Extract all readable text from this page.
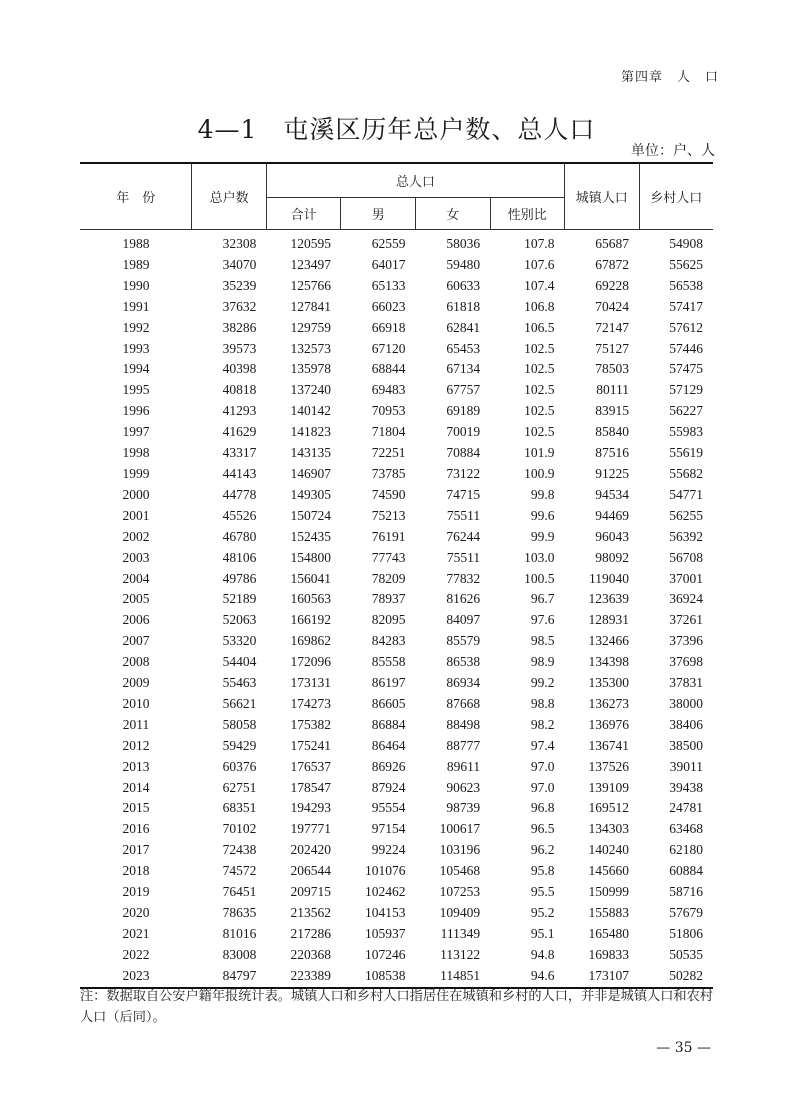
第四章　人　口
4—1　屯溪区历年总户数、总人口
单位：户、人
年　份	总户数	总人口				城镇人口	乡村人口
		合计	男	女	性别比		
1988	32308	120595	62559	58036	107.8	65687	54908
1989	34070	123497	64017	59480	107.6	67872	55625
1990	35239	125766	65133	60633	107.4	69228	56538
1991	37632	127841	66023	61818	106.8	70424	57417
1992	38286	129759	66918	62841	106.5	72147	57612
1993	39573	132573	67120	65453	102.5	75127	57446
1994	40398	135978	68844	67134	102.5	78503	57475
1995	40818	137240	69483	67757	102.5	80111	57129
1996	41293	140142	70953	69189	102.5	83915	56227
1997	41629	141823	71804	70019	102.5	85840	55983
1998	43317	143135	72251	70884	101.9	87516	55619
1999	44143	146907	73785	73122	100.9	91225	55682
2000	44778	149305	74590	74715	99.8	94534	54771
2001	45526	150724	75213	75511	99.6	94469	56255
2002	46780	152435	76191	76244	99.9	96043	56392
2003	48106	154800	77743	75511	103.0	98092	56708
2004	49786	156041	78209	77832	100.5	119040	37001
2005	52189	160563	78937	81626	96.7	123639	36924
2006	52063	166192	82095	84097	97.6	128931	37261
2007	53320	169862	84283	85579	98.5	132466	37396
2008	54404	172096	85558	86538	98.9	134398	37698
2009	55463	173131	86197	86934	99.2	135300	37831
2010	56621	174273	86605	87668	98.8	136273	38000
2011	58058	175382	86884	88498	98.2	136976	38406
2012	59429	175241	86464	88777	97.4	136741	38500
2013	60376	176537	86926	89611	97.0	137526	39011
2014	62751	178547	87924	90623	97.0	139109	39438
2015	68351	194293	95554	98739	96.8	169512	24781
2016	70102	197771	97154	100617	96.5	134303	63468
2017	72438	202420	99224	103196	96.2	140240	62180
2018	74572	206544	101076	105468	95.8	145660	60884
2019	76451	209715	102462	107253	95.5	150999	58716
2020	78635	213562	104153	109409	95.2	155883	57679
2021	81016	217286	105937	111349	95.1	165480	51806
2022	83008	220368	107246	113122	94.8	169833	50535
2023	84797	223389	108538	114851	94.6	173107	50282
注：数据取自公安户籍年报统计表。城镇人口和乡村人口指居住在城镇和乡村的人口，并非是城镇人口和农村人口（后同）。
— 35 —
